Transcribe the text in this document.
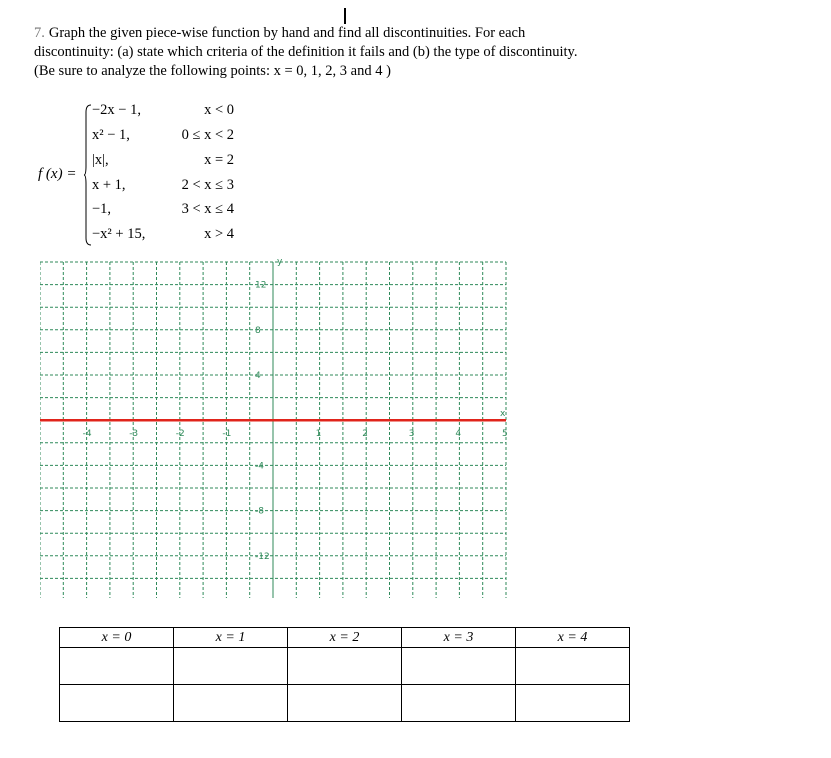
7. Graph the given piece-wise function by hand and find all discontinuities. For each
discontinuity: (a) state which criteria of the definition it fails and (b) the type of discontinuity.
(Be sure to analyze the following points: x = 0, 1, 2, 3 and 4 )
f (x) =
−2x − 1,	x < 0
x² − 1,	0 ≤ x < 2
|x|,	x = 2
x + 1,	2 < x ≤ 3
−1,	3 < x ≤ 4
−x² + 15,	x > 4
y
x
-4	-3	-2	-1	1	2	3	4	5
12
8
4
-4
-8
-12
x = 0	x = 1	x = 2	x = 3	x = 4
